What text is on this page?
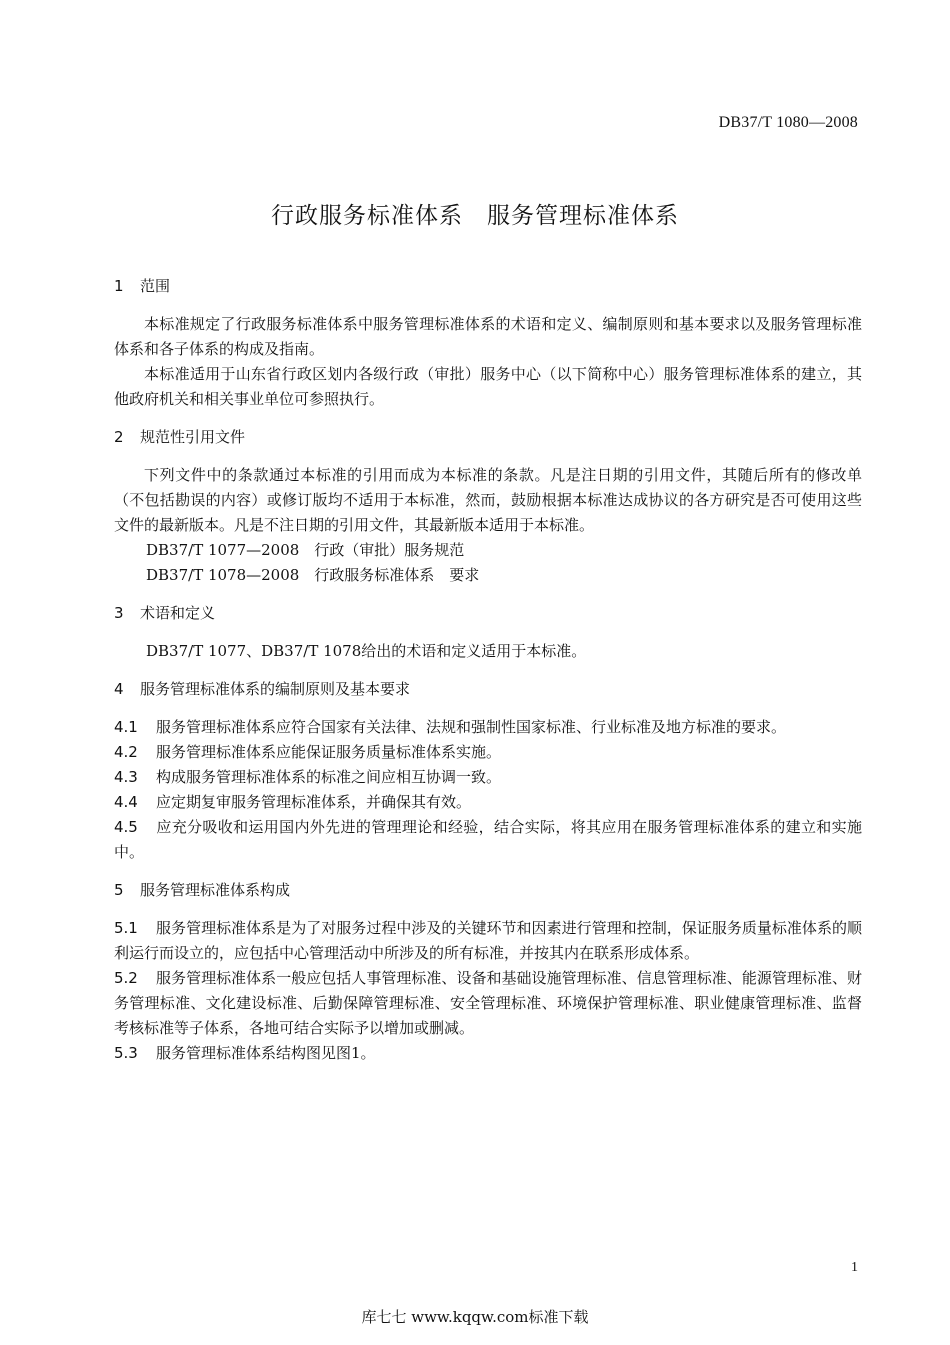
DB37/T 1080—2008
行政服务标准体系　服务管理标准体系
1 范围

本标准规定了行政服务标准体系中服务管理标准体系的术语和定义、编制原则和基本要求以及服务管理标准体系和各子体系的构成及指南。

本标准适用于山东省行政区划内各级行政（审批）服务中心（以下简称中心）服务管理标准体系的建立，其他政府机关和相关事业单位可参照执行。

2 规范性引用文件

下列文件中的条款通过本标准的引用而成为本标准的条款。凡是注日期的引用文件，其随后所有的修改单（不包括勘误的内容）或修订版均不适用于本标准，然而，鼓励根据本标准达成协议的各方研究是否可使用这些文件的最新版本。凡是不注日期的引用文件，其最新版本适用于本标准。

DB37/T 1077—2008　行政（审批）服务规范

DB37/T 1078—2008　行政服务标准体系　要求

3 术语和定义

DB37/T 1077、DB37/T 1078给出的术语和定义适用于本标准。

4 服务管理标准体系的编制原则及基本要求

4.1 服务管理标准体系应符合国家有关法律、法规和强制性国家标准、行业标准及地方标准的要求。

4.2 服务管理标准体系应能保证服务质量标准体系实施。

4.3 构成服务管理标准体系的标准之间应相互协调一致。

4.4 应定期复审服务管理标准体系，并确保其有效。

4.5 应充分吸收和运用国内外先进的管理理论和经验，结合实际，将其应用在服务管理标准体系的建立和实施中。

5 服务管理标准体系构成

5.1 服务管理标准体系是为了对服务过程中涉及的关键环节和因素进行管理和控制，保证服务质量标准体系的顺利运行而设立的，应包括中心管理活动中所涉及的所有标准，并按其内在联系形成体系。

5.2 服务管理标准体系一般应包括人事管理标准、设备和基础设施管理标准、信息管理标准、能源管理标准、财务管理标准、文化建设标准、后勤保障管理标准、安全管理标准、环境保护管理标准、职业健康管理标准、监督考核标准等子体系，各地可结合实际予以增加或删减。

5.3 服务管理标准体系结构图见图1。

1
库七七 www.kqqw.com标准下载
